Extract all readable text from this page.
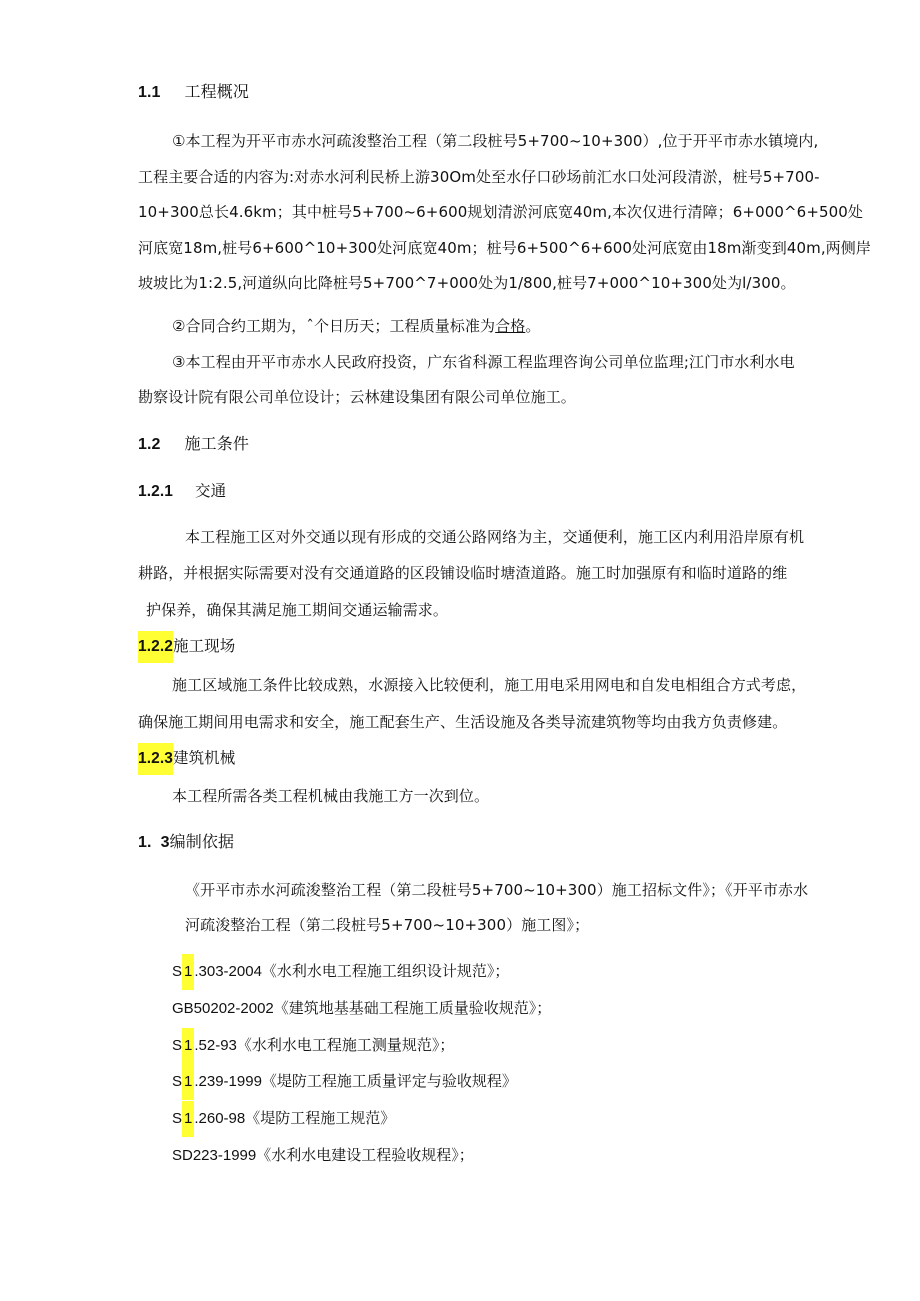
1.1 工程概况
①本工程为开平市赤水河疏浚整治工程（第二段桩号5+700~10+300）,位于开平市赤水镇境内,
工程主要合适的内容为:对赤水河利民桥上游30Om处至水仔口砂场前汇水口处河段清淤，桩号5+700-
10+300总长4.6km；其中桩号5+700~6+600规划清淤河底宽40m,本次仅进行清障；6+000^6+500处
河底宽18m,桩号6+600^10+300处河底宽40m；桩号6+500^6+600处河底宽由18m渐变到40m,两侧岸
坡坡比为1:2.5,河道纵向比降桩号5+700^7+000处为1/800,桩号7+000^10+300处为l/300。
②合同合约工期为，ˆ个日历天；工程质量标准为合格。
③本工程由开平市赤水人民政府投资，广东省科源工程监理咨询公司单位监理;江门市水利水电
勘察设计院有限公司单位设计；云林建设集团有限公司单位施工。
1.2 施工条件
1.2.1 交通
本工程施工区对外交通以现有形成的交通公路网络为主，交通便利，施工区内利用沿岸原有机
耕路，并根据实际需要对没有交通道路的区段铺设临时塘渣道路。施工时加强原有和临时道路的维
护保养，确保其满足施工期间交通运输需求。
1.2.2施工现场
施工区域施工条件比较成熟，水源接入比较便利，施工用电采用网电和自发电相组合方式考虑，
确保施工期间用电需求和安全，施工配套生产、生活设施及各类导流建筑物等均由我方负责修建。
1.2.3建筑机械
本工程所需各类工程机械由我施工方一次到位。
1.  3编制依据
《开平市赤水河疏浚整治工程（第二段桩号5+700~10+300）施工招标文件》；《开平市赤水
河疏浚整治工程（第二段桩号5+700~10+300）施工图》；
S 1 .303-2004《水利水电工程施工组织设计规范》；
GB50202-2002《建筑地基基础工程施工质量验收规范》；
S 1 .52-93《水利水电工程施工测量规范》；
S 1 .239-1999《堤防工程施工质量评定与验收规程》
S 1 .260-98《堤防工程施工规范》
SD223-1999《水利水电建设工程验收规程》；
